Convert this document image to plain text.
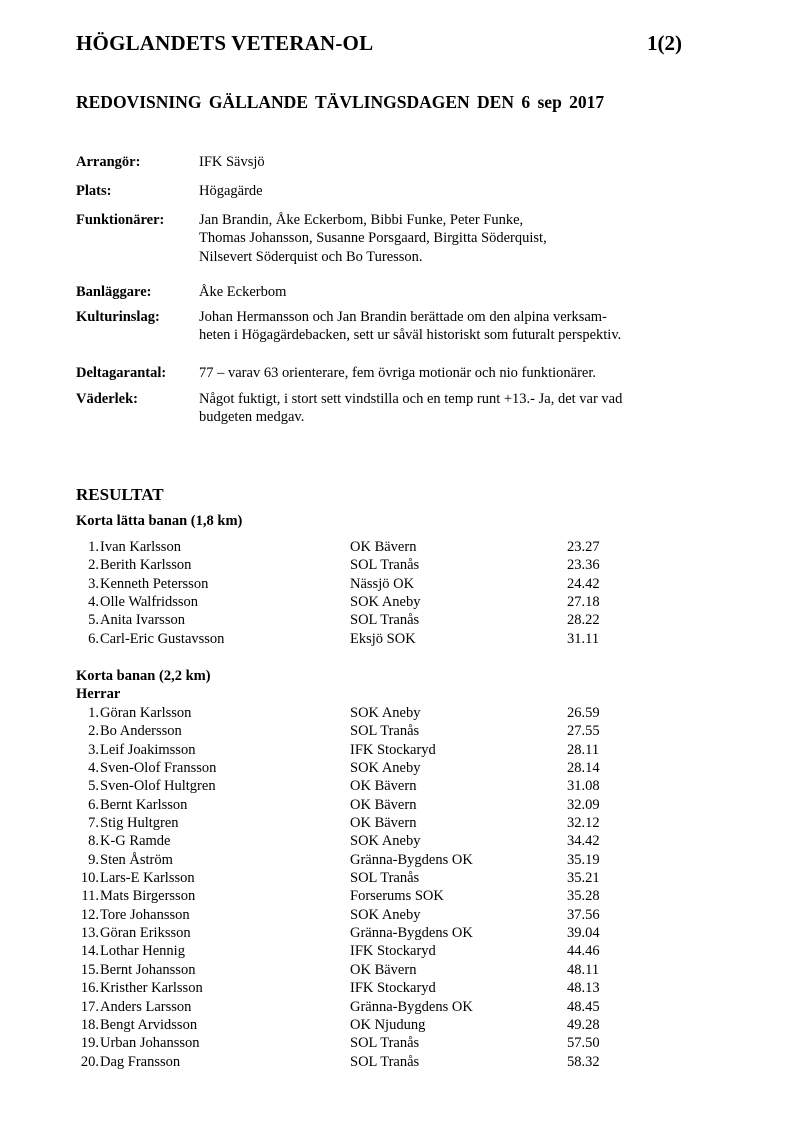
HÖGLANDETS VETERAN-OL	1(2)
REDOVISNING GÄLLANDE TÄVLINGSDAGEN DEN 6 sep 2017
Arrangör:	IFK Sävsjö
Plats:	Högagärde
Funktionärer: Jan Brandin, Åke Eckerbom, Bibbi Funke, Peter Funke,
Thomas Johansson, Susanne Porsgaard, Birgitta Söderquist,
Nilsevert Söderquist och Bo Turesson.
Banläggare:	Åke Eckerbom
Kulturinslag:	Johan Hermansson och Jan Brandin berättade om den alpina verksam-
heten i Högagärdebacken, sett ur såväl historiskt som futuralt perspektiv.
Deltagarantal: 77 – varav 63 orienterare, fem övriga motionär och nio funktionärer.
Väderlek:	Något fuktigt, i stort sett vindstilla och en temp runt +13.- Ja, det var vad
budgeten medgav.
RESULTAT
Korta lätta banan (1,8 km)
1. Ivan Karlsson	OK Bävern	23.27
2. Berith Karlsson	SOL Tranås	23.36
3. Kenneth Petersson	Nässjö OK	24.42
4. Olle Walfridsson	SOK Aneby	27.18
5. Anita Ivarsson	SOL Tranås	28.22
6. Carl-Eric Gustavsson	Eksjö SOK	31.11
Korta banan (2,2 km)
Herrar
1. Göran Karlsson	SOK Aneby	26.59
2. Bo Andersson	SOL Tranås	27.55
3. Leif Joakimsson	IFK Stockaryd	28.11
4. Sven-Olof Fransson	SOK Aneby	28.14
5. Sven-Olof Hultgren	OK Bävern	31.08
6. Bernt Karlsson	OK Bävern	32.09
7. Stig Hultgren	OK Bävern	32.12
8. K-G Ramde	SOK Aneby	34.42
9. Sten Åström	Gränna-Bygdens OK	35.19
10. Lars-E Karlsson	SOL Tranås	35.21
11. Mats Birgersson	Forserums SOK	35.28
12. Tore Johansson	SOK Aneby	37.56
13. Göran Eriksson	Gränna-Bygdens OK	39.04
14. Lothar Hennig	IFK Stockaryd	44.46
15. Bernt Johansson	OK Bävern	48.11
16. Kristher Karlsson	IFK Stockaryd	48.13
17. Anders Larsson	Gränna-Bygdens OK	48.45
18. Bengt Arvidsson	OK Njudung	49.28
19. Urban Johansson	SOL Tranås	57.50
20. Dag Fransson	SOL Tranås	58.32
